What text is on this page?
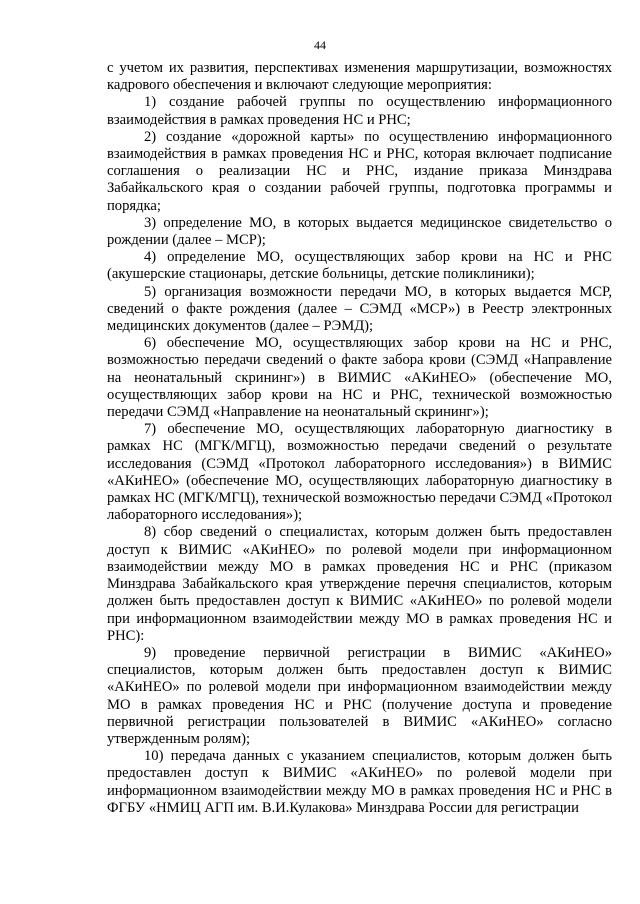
44

с учетом их развития, перспективах изменения маршрутизации, возможностях кадрового обеспечения и включают следующие мероприятия:

1) создание рабочей группы по осуществлению информационного взаимодействия в рамках проведения НС и РНС;

2) создание «дорожной карты» по осуществлению информационного взаимодействия в рамках проведения НС и РНС, которая включает подписание соглашения о реализации НС и РНС, издание приказа Минздрава Забайкальского края о создании рабочей группы, подготовка программы и порядка;

3) определение МО, в которых выдается медицинское свидетельство о рождении (далее – МСР);

4) определение МО, осуществляющих забор крови на НС и РНС (акушерские стационары, детские больницы, детские поликлиники);

5) организация возможности передачи МО, в которых выдается МСР, сведений о факте рождения (далее – СЭМД «МСР») в Реестр электронных медицинских документов (далее – РЭМД);

6) обеспечение МО, осуществляющих забор крови на НС и РНС, возможностью передачи сведений о факте забора крови (СЭМД «Направление на неонатальный скрининг») в ВИМИС «АКиНЕО» (обеспечение МО, осуществляющих забор крови на НС и РНС, технической возможностью передачи СЭМД «Направление на неонатальный скрининг»);

7) обеспечение МО, осуществляющих лабораторную диагностику в рамках НС (МГК/МГЦ), возможностью передачи сведений о результате исследования (СЭМД «Протокол лабораторного исследования») в ВИМИС «АКиНЕО» (обеспечение МО, осуществляющих лабораторную диагностику в рамках НС (МГК/МГЦ), технической возможностью передачи СЭМД «Протокол лабораторного исследования»);

8) сбор сведений о специалистах, которым должен быть предоставлен доступ к ВИМИС «АКиНЕО» по ролевой модели при информационном взаимодействии между МО в рамках проведения НС и РНС (приказом Минздрава Забайкальского края утверждение перечня специалистов, которым должен быть предоставлен доступ к ВИМИС «АКиНЕО» по ролевой модели при информационном взаимодействии между МО в рамках проведения НС и РНС):

9) проведение первичной регистрации в ВИМИС «АКиНЕО» специалистов, которым должен быть предоставлен доступ к ВИМИС «АКиНЕО» по ролевой модели при информационном взаимодействии между МО в рамках проведения НС и РНС (получение доступа и проведение первичной регистрации пользователей в ВИМИС «АКиНЕО» согласно утвержденным ролям);

10) передача данных с указанием специалистов, которым должен быть предоставлен доступ к ВИМИС «АКиНЕО» по ролевой модели при информационном взаимодействии между МО в рамках проведения НС и РНС в ФГБУ «НМИЦ АГП им. В.И.Кулакова» Минздрава России для регистрации
